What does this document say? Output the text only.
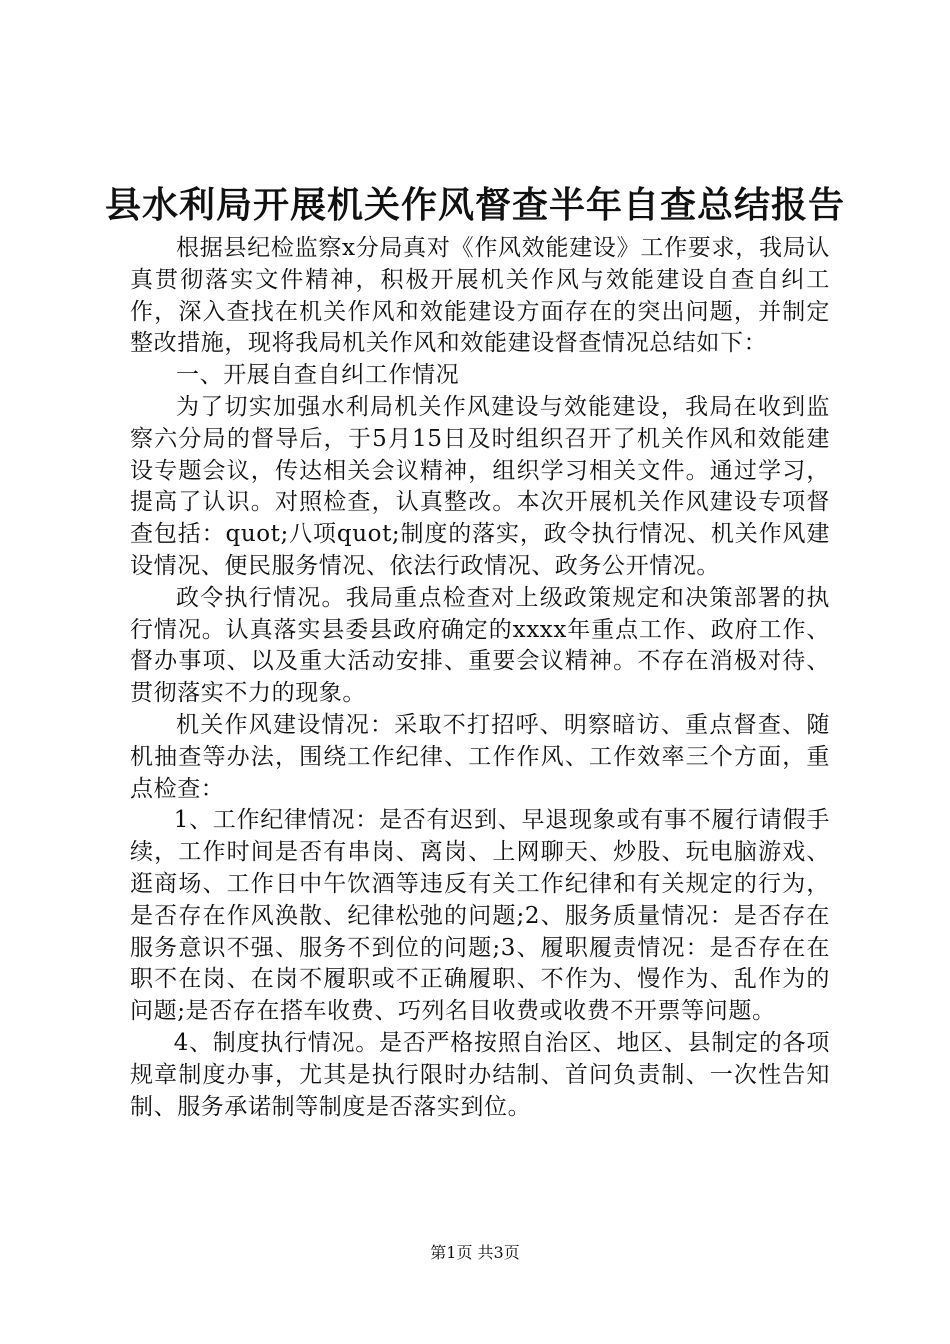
县水利局开展机关作风督查半年自查总结报告

根据县纪检监察x分局真对《作风效能建设》工作要求，我局认真贯彻落实文件精神，积极开展机关作风与效能建设自查自纠工作，深入查找在机关作风和效能建设方面存在的突出问题，并制定整改措施，现将我局机关作风和效能建设督查情况总结如下：

一、开展自查自纠工作情况

为了切实加强水利局机关作风建设与效能建设，我局在收到监察六分局的督导后，于5月15日及时组织召开了机关作风和效能建设专题会议，传达相关会议精神，组织学习相关文件。通过学习，提高了认识。对照检查，认真整改。本次开展机关作风建设专项督查包括：quot;八项quot;制度的落实，政令执行情况、机关作风建设情况、便民服务情况、依法行政情况、政务公开情况。

政令执行情况。我局重点检查对上级政策规定和决策部署的执行情况。认真落实县委县政府确定的xxxx年重点工作、政府工作、督办事项、以及重大活动安排、重要会议精神。不存在消极对待、贯彻落实不力的现象。

机关作风建设情况：采取不打招呼、明察暗访、重点督查、随机抽查等办法，围绕工作纪律、工作作风、工作效率三个方面，重点检查：

1、工作纪律情况：是否有迟到、早退现象或有事不履行请假手续，工作时间是否有串岗、离岗、上网聊天、炒股、玩电脑游戏、逛商场、工作日中午饮酒等违反有关工作纪律和有关规定的行为，是否存在作风涣散、纪律松弛的问题;2、服务质量情况：是否存在服务意识不强、服务不到位的问题;3、履职履责情况：是否存在在职不在岗、在岗不履职或不正确履职、不作为、慢作为、乱作为的问题;是否存在搭车收费、巧列名目收费或收费不开票等问题。

4、制度执行情况。是否严格按照自治区、地区、县制定的各项规章制度办事，尤其是执行限时办结制、首问负责制、一次性告知制、服务承诺制等制度是否落实到位。

第1页 共3页
